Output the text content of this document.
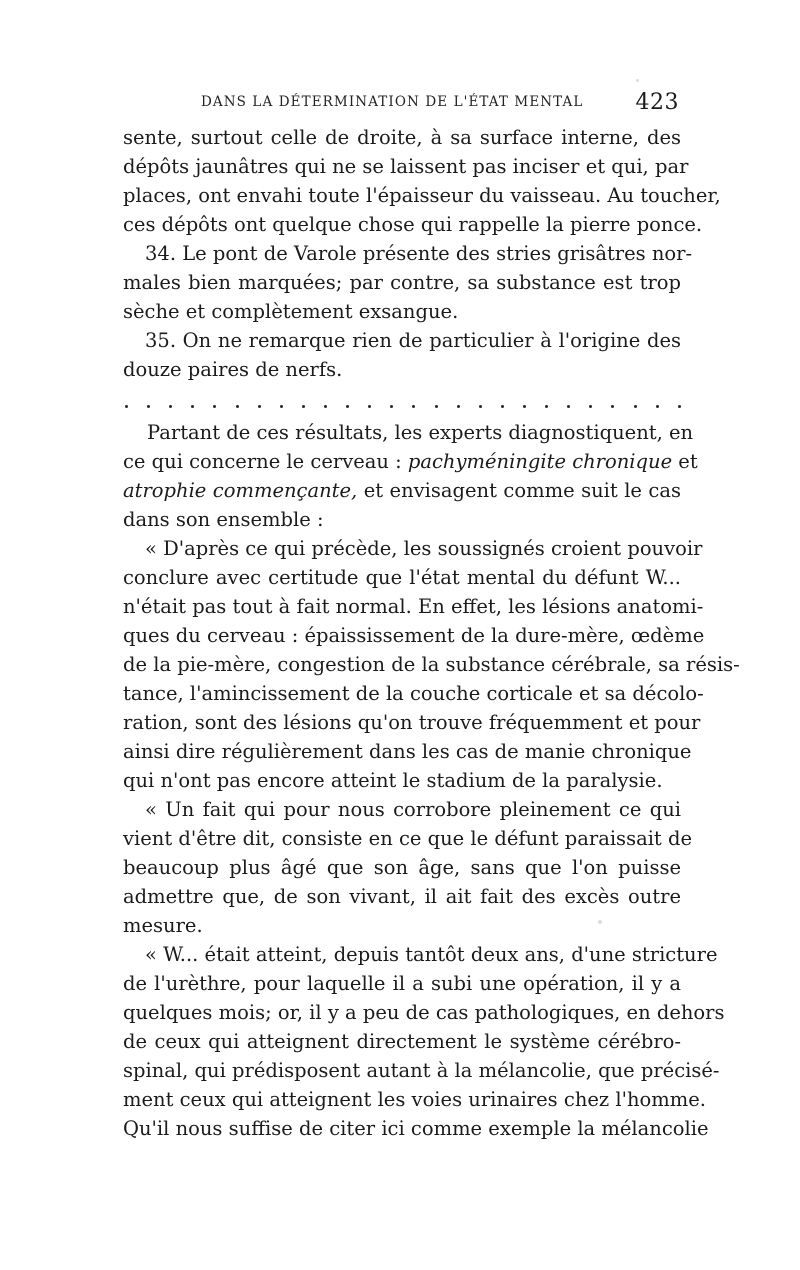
DANS LA DÉTERMINATION DE L'ÉTAT MENTAL 423
sente, surtout celle de droite, à sa surface interne, des
dépôts jaunâtres qui ne se laissent pas inciser et qui, par
places, ont envahi toute l'épaisseur du vaisseau. Au toucher,
ces dépôts ont quelque chose qui rappelle la pierre ponce.
34. Le pont de Varole présente des stries grisâtres nor-
males bien marquées; par contre, sa substance est trop
sèche et complètement exsangue.
35. On ne remarque rien de particulier à l'origine des
douze paires de nerfs.
Partant de ces résultats, les experts diagnostiquent, en
ce qui concerne le cerveau : pachyméningite chronique et
atrophie commençante, et envisagent comme suit le cas
dans son ensemble :
« D'après ce qui précède, les soussignés croient pouvoir
conclure avec certitude que l'état mental du défunt W...
n'était pas tout à fait normal. En effet, les lésions anatomi-
ques du cerveau : épaississement de la dure-mère, œdème
de la pie-mère, congestion de la substance cérébrale, sa résis-
tance, l'amincissement de la couche corticale et sa décolo-
ration, sont des lésions qu'on trouve fréquemment et pour
ainsi dire régulièrement dans les cas de manie chronique
qui n'ont pas encore atteint le stadium de la paralysie.
« Un fait qui pour nous corrobore pleinement ce qui
vient d'être dit, consiste en ce que le défunt paraissait de
beaucoup plus âgé que son âge, sans que l'on puisse
admettre que, de son vivant, il ait fait des excès outre
mesure.
« W... était atteint, depuis tantôt deux ans, d'une stricture
de l'urèthre, pour laquelle il a subi une opération, il y a
quelques mois; or, il y a peu de cas pathologiques, en dehors
de ceux qui atteignent directement le système cérébro-
spinal, qui prédisposent autant à la mélancolie, que précisé-
ment ceux qui atteignent les voies urinaires chez l'homme.
Qu'il nous suffise de citer ici comme exemple la mélancolie
